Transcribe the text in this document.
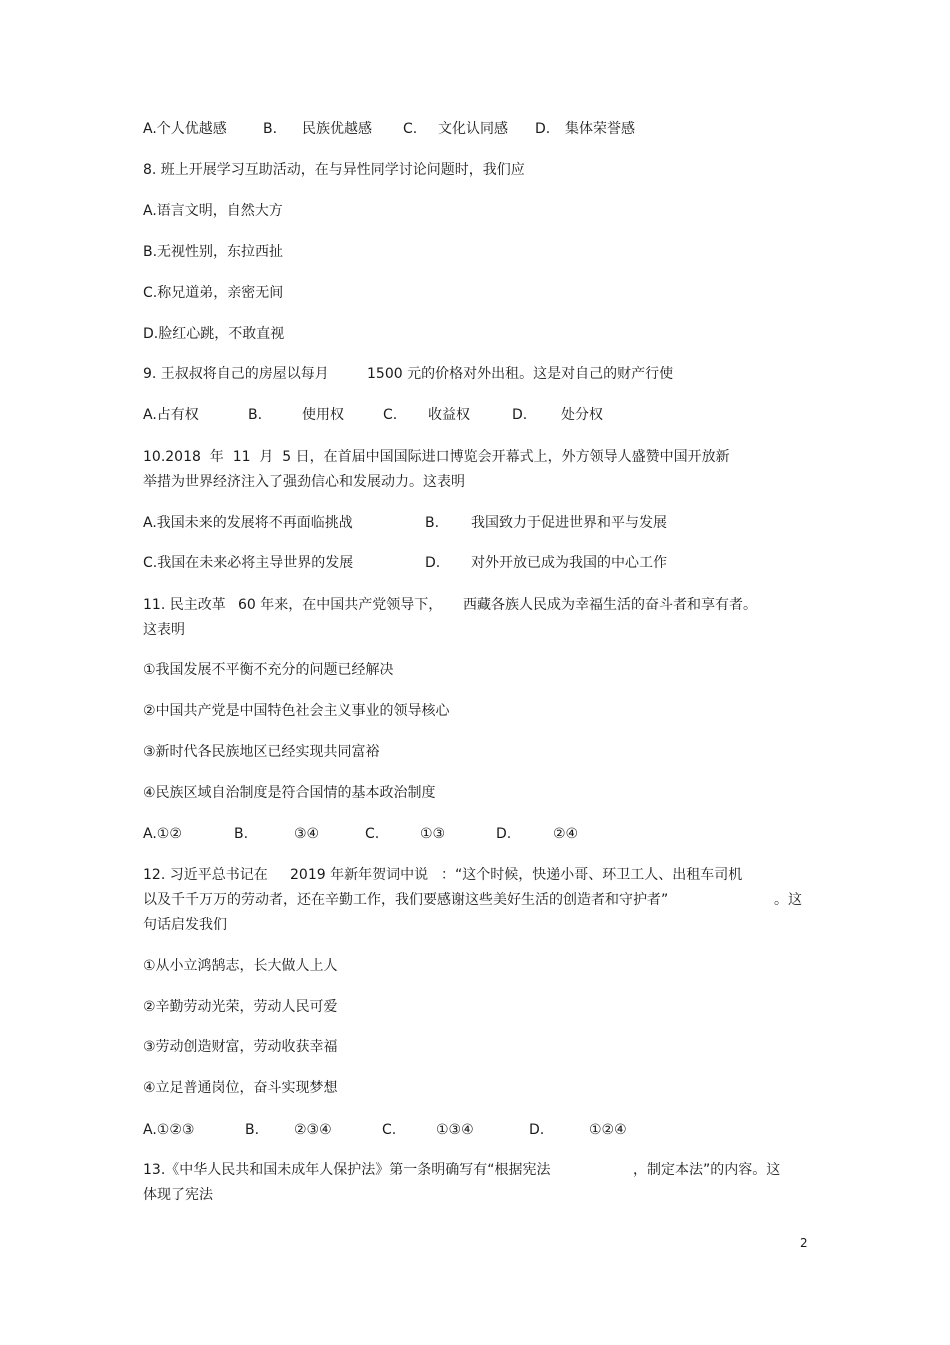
A.个人优越感	B. 民族优越感 C. 文化认同感 D. 集体荣誉感
8. 班上开展学习互助活动，在与异性同学讨论问题时，我们应
A.语言文明，自然大方
B.无视性别，东拉西扯
C.称兄道弟，亲密无间
D.脸红心跳，不敢直视
9. 王叔叔将自己的房屋以每月	1500 元的价格对外出租。这是对自己的财产行使
A.占有权	B.	使用权	C. 收益权	D. 处分权
10.2018  年  11  月  5 日，在首届中国国际进口博览会开幕式上，外方领导人盛赞中国开放新
举措为世界经济注入了强劲信心和发展动力。这表明
A.我国未来的发展将不再面临挑战	B. 我国致力于促进世界和平与发展
C.我国在未来必将主导世界的发展	D. 对外开放已成为我国的中心工作
11. 民主改革 60 年来，在中国共产党领导下， 西藏各族人民成为幸福生活的奋斗者和享有者。
这表明
①我国发展不平衡不充分的问题已经解决
②中国共产党是中国特色社会主义事业的领导核心
③新时代各民族地区已经实现共同富裕
④民族区域自治制度是符合国情的基本政治制度
A.①②	B.	③④	C.	①③	D.	②④
12. 习近平总书记在 2019 年新年贺词中说 ：“这个时候，快递小哥、环卫工人、出租车司机
以及千千万万的劳动者，还在辛勤工作，我们要感谢这些美好生活的创造者和守护者”	。这
句话启发我们
①从小立鸿鹄志，长大做人上人
②辛勤劳动光荣，劳动人民可爱
③劳动创造财富，劳动收获幸福
④立足普通岗位，奋斗实现梦想
A.①②③	B. ②③④	C.	①③④	D.	①②④
13.《中华人民共和国未成年人保护法》第一条明确写有“根据宪法	，制定本法”的内容。这
体现了宪法
2
